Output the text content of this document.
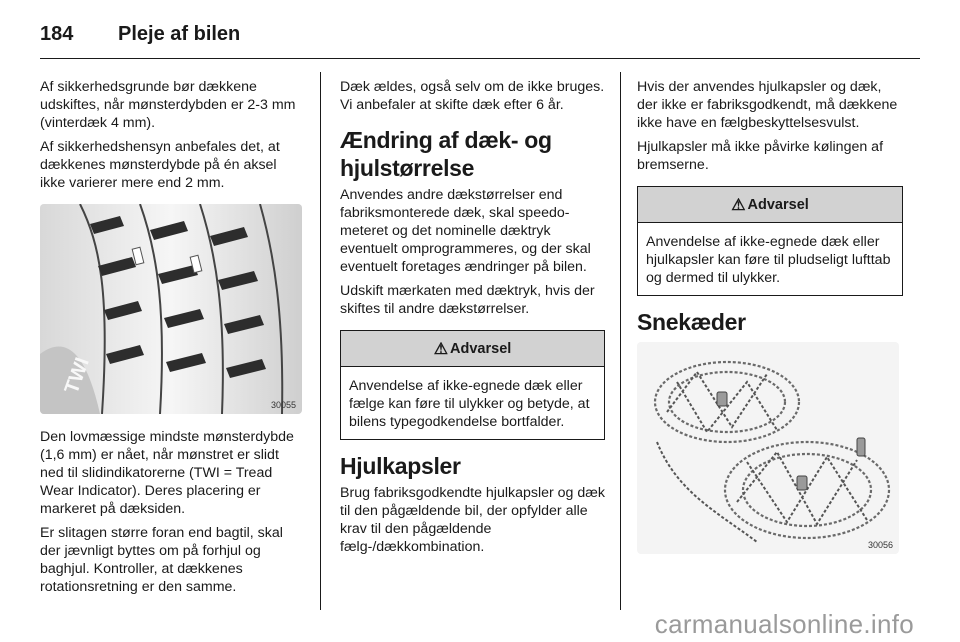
184	Pleje af bilen

Af sikkerhedsgrunde bør dækkene udskiftes, når mønsterdybden er 2-3 mm (vinterdæk 4 mm).

Af sikkerhedshensyn anbefales det, at dækkenes mønsterdybde på én aksel ikke varierer mere end 2 mm.

TWI
30055

Den lovmæssige mindste mønsterdybde (1,6 mm) er nået, når mønstret er slidt ned til slidindikatorerne (TWI = Tread Wear Indicator). Deres placering er markeret på dæksiden.

Er slitagen større foran end bagtil, skal der jævnligt byttes om på forhjul og baghjul. Kontroller, at dækkenes rotationsretning er den samme.

Dæk ældes, også selv om de ikke bruges. Vi anbefaler at skifte dæk efter 6 år.

Ændring af dæk- og hjulstørrelse

Anvendes andre dækstørrelser end fabriksmonterede dæk, skal speedometeret og det nominelle dæktryk eventuelt omprogrammeres, og der skal eventuelt foretages ændringer på bilen.

Udskift mærkaten med dæktryk, hvis der skiftes til andre dækstørrelser.

⚠ Advarsel
Anvendelse af ikke-egnede dæk eller fælge kan føre til ulykker og betyde, at bilens typegodkendelse bortfalder.
Hjulkapsler

Brug fabriksgodkendte hjulkapsler og dæk til den pågældende bil, der opfylder alle krav til den pågældende fælg-/dækkombination.

Hvis der anvendes hjulkapsler og dæk, der ikke er fabriksgodkendt, må dækkene ikke have en fælgbeskyttelsesvulst.

Hjulkapsler må ikke påvirke kølingen af bremserne.

⚠ Advarsel
Anvendelse af ikke-egnede dæk eller hjulkapsler kan føre til pludseligt lufttab og dermed til ulykker.
Snekæder
30056
carmanualsonline.info
